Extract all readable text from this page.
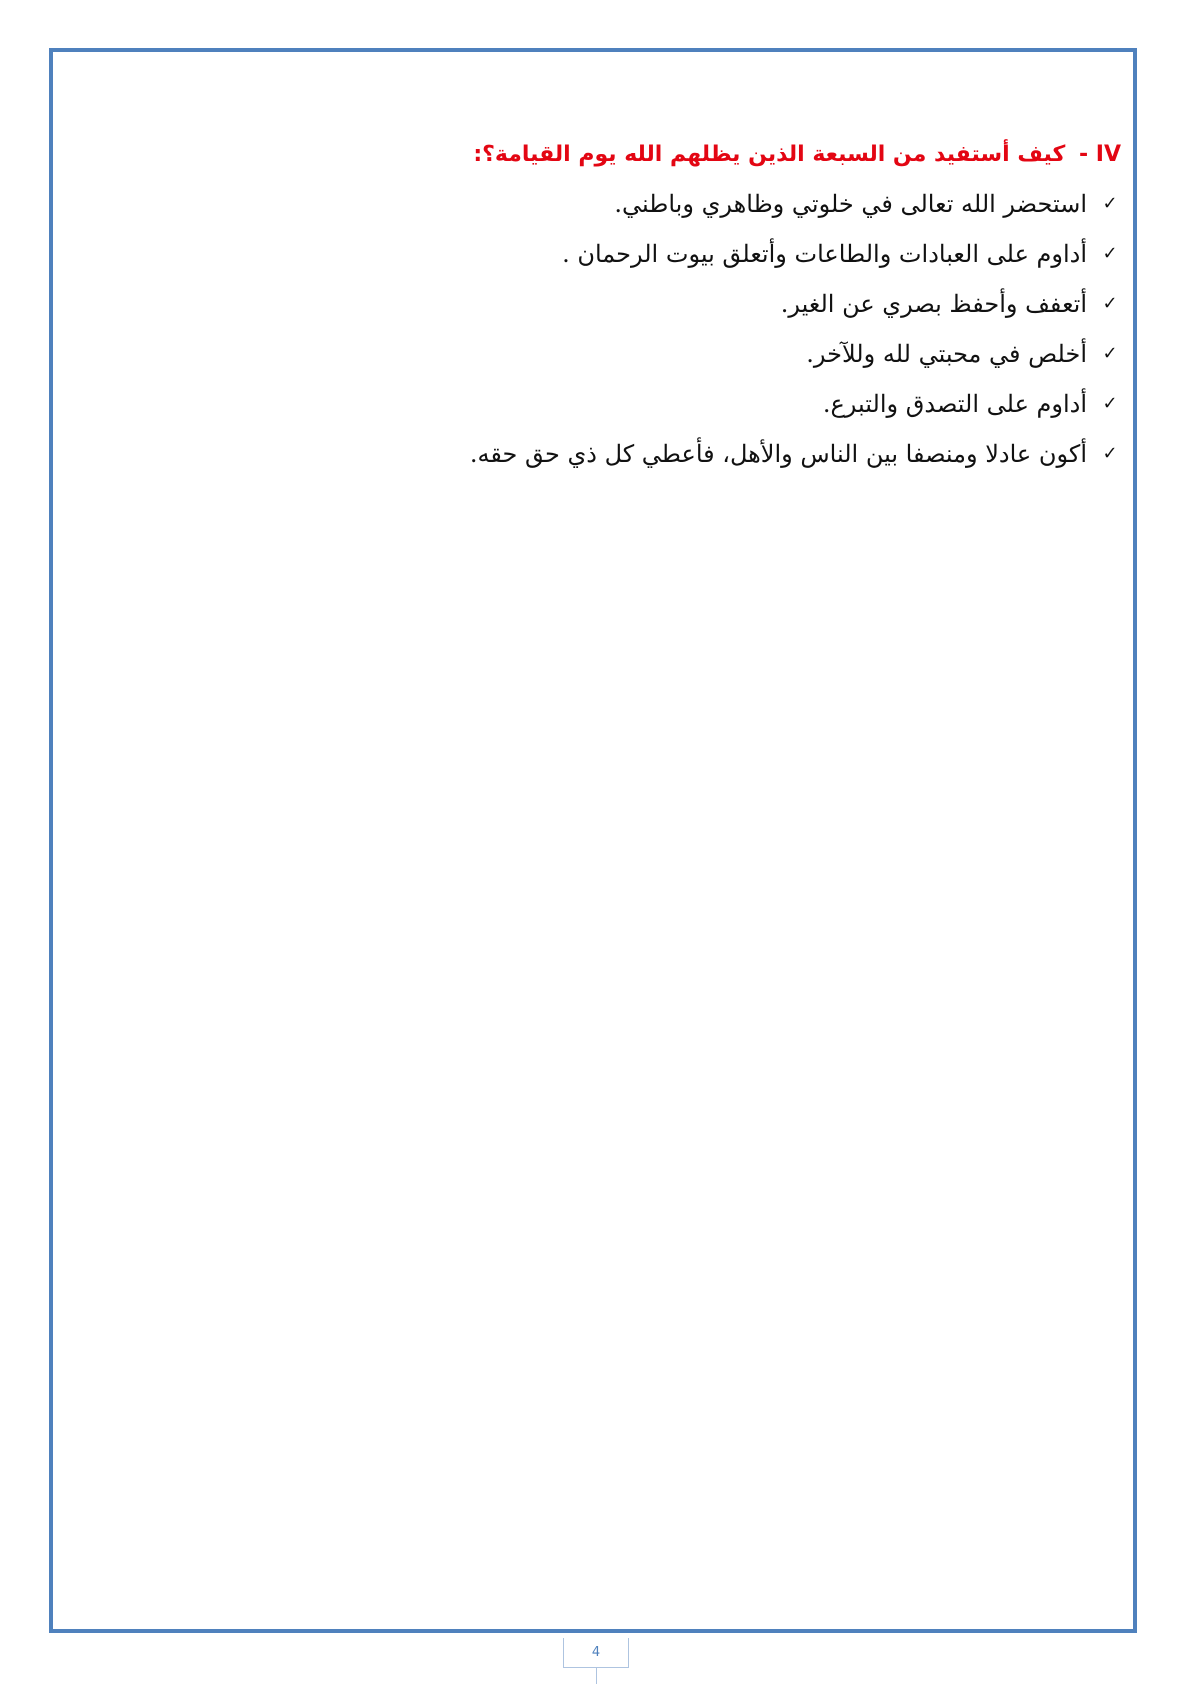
IV - كيف أستفيد من السبعة الذين يظلهم الله يوم القيامة؟:
✓
استحضر الله تعالى في خلوتي وظاهري وباطني.
✓
أداوم على العبادات والطاعات وأتعلق بيوت الرحمان .
✓
أتعفف وأحفظ بصري عن الغير.
✓
أخلص في محبتي لله وللآخر.
✓
أداوم على التصدق والتبرع.
✓
أكون عادلا ومنصفا بين الناس والأهل، فأعطي كل ذي حق حقه.
4
